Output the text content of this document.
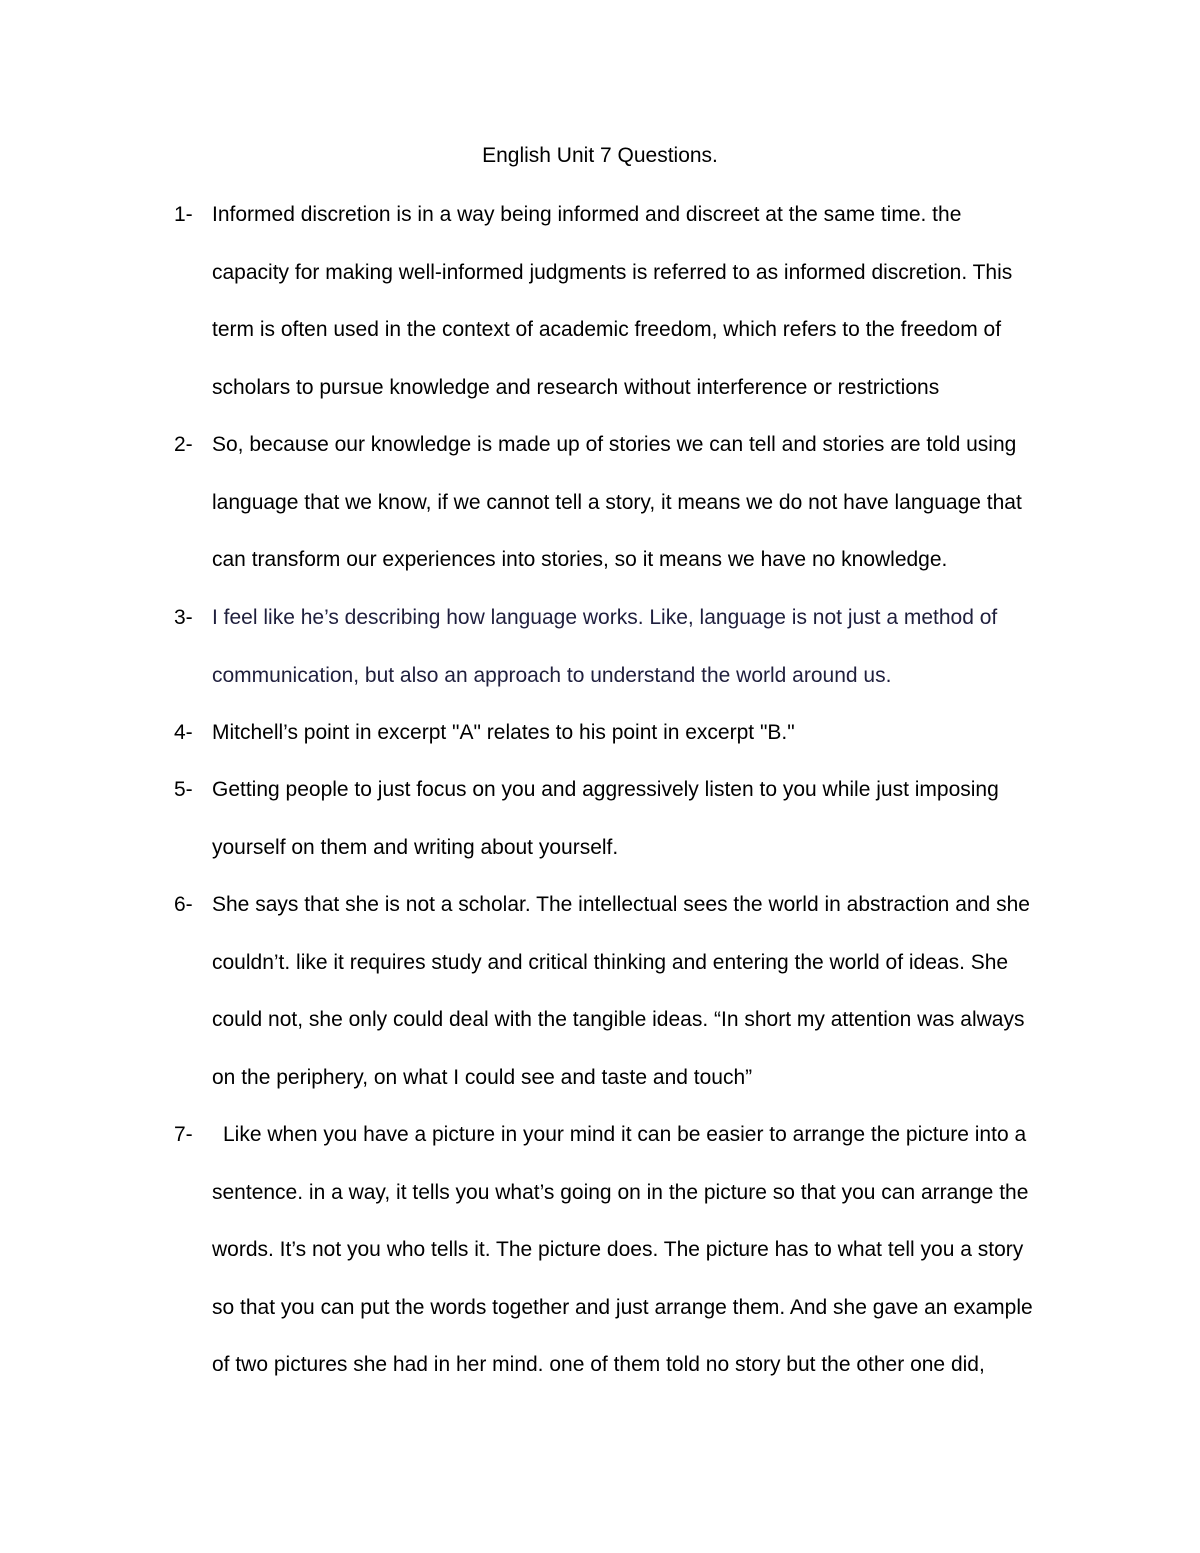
English Unit 7 Questions.
1- Informed discretion is in a way being informed and discreet at the same time. the
capacity for making well-informed judgments is referred to as informed discretion. This
term is often used in the context of academic freedom, which refers to the freedom of
scholars to pursue knowledge and research without interference or restrictions
2- So, because our knowledge is made up of stories we can tell and stories are told using
language that we know, if we cannot tell a story, it means we do not have language that
can transform our experiences into stories, so it means we have no knowledge.
3- I feel like he’s describing how language works. Like, language is not just a method of
communication, but also an approach to understand the world around us.
4- Mitchell’s point in excerpt "A" relates to his point in excerpt "B."
5- Getting people to just focus on you and aggressively listen to you while just imposing
yourself on them and writing about yourself.
6- She says that she is not a scholar. The intellectual sees the world in abstraction and she
couldn’t. like it requires study and critical thinking and entering the world of ideas. She
could not, she only could deal with the tangible ideas. “In short my attention was always
on the periphery, on what I could see and taste and touch”
7-	Like when you have a picture in your mind it can be easier to arrange the picture into a
sentence. in a way, it tells you what’s going on in the picture so that you can arrange the
words. It’s not you who tells it. The picture does. The picture has to what tell you a story
so that you can put the words together and just arrange them. And she gave an example
of two pictures she had in her mind. one of them told no story but the other one did,
